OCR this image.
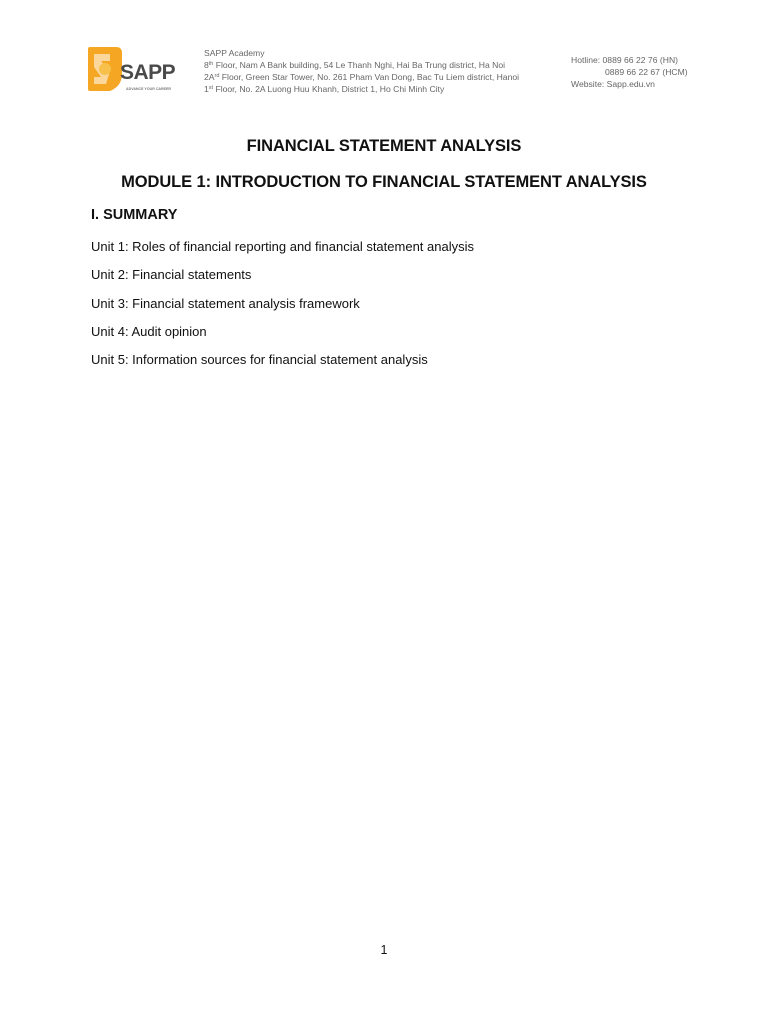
SAPP
ADVANCE YOUR CAREER
SAPP Academy
8th Floor, Nam A Bank building, 54 Le Thanh Nghi, Hai Ba Trung district, Ha Noi
$2A^{rd}$ Floor, Green Star Tower, No. 261 Pham Van Dong, Bac Tu Liem district, Hanoi
1st Floor, No. 2A Luong Huu Khanh, District 1, Ho Chi Minh City
Hotline: 0889 66 22 76 (HN)
0889 66 22 67 (HCM)
Website: Sapp.edu.vn
FINANCIAL STATEMENT ANALYSIS
MODULE 1: INTRODUCTION TO FINANCIAL STATEMENT ANALYSIS
I. SUMMARY
Unit 1: Roles of financial reporting and financial statement analysis
Unit 2: Financial statements
Unit 3: Financial statement analysis framework
Unit 4: Audit opinion
Unit 5: Information sources for financial statement analysis
1
